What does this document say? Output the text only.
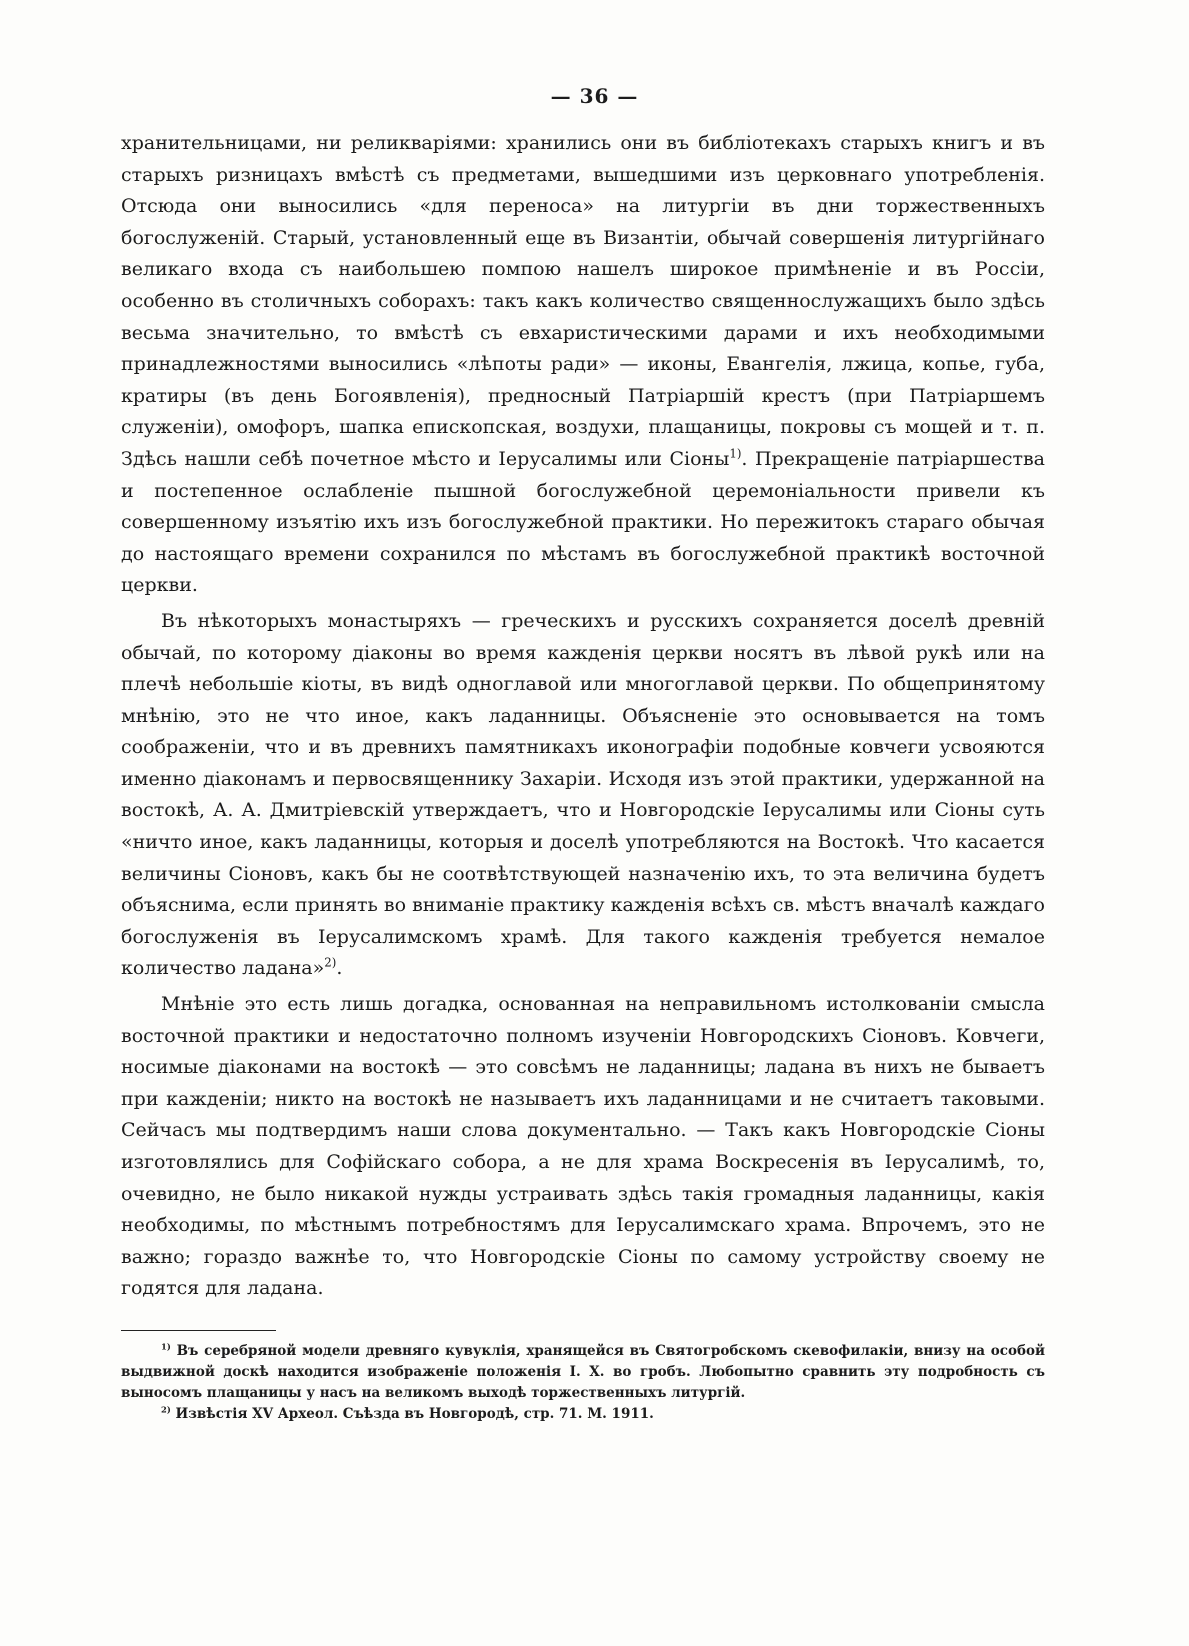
— 36 —

хранительницами, ни реликваріями: хранились они въ библіотекахъ старыхъ книгъ и въ старыхъ ризницахъ вмѣстѣ съ предметами, вышедшими изъ церковнаго употребленія. Отсюда они выносились «для переноса» на литургіи въ дни торжественныхъ богослуженій. Старый, установленный еще въ Византіи, обычай совершенія литургійнаго великаго входа съ наибольшею помпою нашелъ широкое примѣненіе и въ Россіи, особенно въ столичныхъ соборахъ: такъ какъ количество священнослужащихъ было здѣсь весьма значительно, то вмѣстѣ съ евхаристическими дарами и ихъ необходимыми принадлежностями выносились «лѣпоты ради» — иконы, Евангелія, лжица, копье, губа, кратиры (въ день Богоявленія), предносный Патріаршій крестъ (при Патріаршемъ служеніи), омофоръ, шапка епископская, воздухи, плащаницы, покровы съ мощей и т. п. Здѣсь нашли себѣ почетное мѣсто и Іерусалимы или Сіоны$^{1)}$. Прекращеніе патріаршества и постепенное ослабленіе пышной богослужебной церемоніальности привели къ совершенному изъятію ихъ изъ богослужебной практики. Но пережитокъ стараго обычая до настоящаго времени сохранился по мѣстамъ въ богослужебной практикѣ восточной церкви.

Въ нѣкоторыхъ монастыряхъ — греческихъ и русскихъ сохраняется доселѣ древній обычай, по которому діаконы во время кажденія церкви носятъ въ лѣвой рукѣ или на плечѣ небольшіе кіоты, въ видѣ одноглавой или многоглавой церкви. По общепринятому мнѣнію, это не что иное, какъ ладанницы. Объясненіе это основывается на томъ соображеніи, что и въ древнихъ памятникахъ иконографіи подобные ковчеги усвояются именно діаконамъ и первосвященнику Захаріи. Исходя изъ этой практики, удержанной на востокѣ, А. А. Дмитріевскій утверждаетъ, что и Новгородскіе Іерусалимы или Сіоны суть «ничто иное, какъ ладанницы, которыя и доселѣ употребляются на Востокѣ. Что касается величины Сіоновъ, какъ бы не соотвѣтствующей назначенію ихъ, то эта величина будетъ объяснима, если принять во вниманіе практику кажденія всѣхъ св. мѣстъ вначалѣ каждаго богослуженія въ Іерусалимскомъ храмѣ. Для такого кажденія требуется немалое количество ладана»$^{2)}$.

Мнѣніе это есть лишь догадка, основанная на неправильномъ истолкованіи смысла восточной практики и недостаточно полномъ изученіи Новгородскихъ Сіоновъ. Ковчеги, носимые діаконами на востокѣ — это совсѣмъ не ладанницы; ладана въ нихъ не бываетъ при кажденіи; никто на востокѣ не называетъ ихъ ладанницами и не считаетъ таковыми. Сейчасъ мы подтвердимъ наши слова документально. — Такъ какъ Новгородскіе Сіоны изготовлялись для Софійскаго собора, а не для храма Воскресенія въ Іерусалимѣ, то, очевидно, не было никакой нужды устраивать здѣсь такія громадныя ладанницы, какія необходимы, по мѣстнымъ потребностямъ для Іерусалимскаго храма. Впрочемъ, это не важно; гораздо важнѣе то, что Новгородскіе Сіоны по самому устройству своему не годятся для ладана.

$^{1)}$ Въ серебряной модели древняго кувуклія, хранящейся въ Святогробскомъ скевофилакіи, внизу на особой выдвижной доскѣ находится изображеніе положенія І. Х. во гробъ. Любопытно сравнить эту подробность съ выносомъ плащаницы у насъ на великомъ выходѣ торжественныхъ литургій.

$^{2)}$ Извѣстія XV Археол. Съѣзда въ Новгородѣ, стр. 71. М. 1911.
